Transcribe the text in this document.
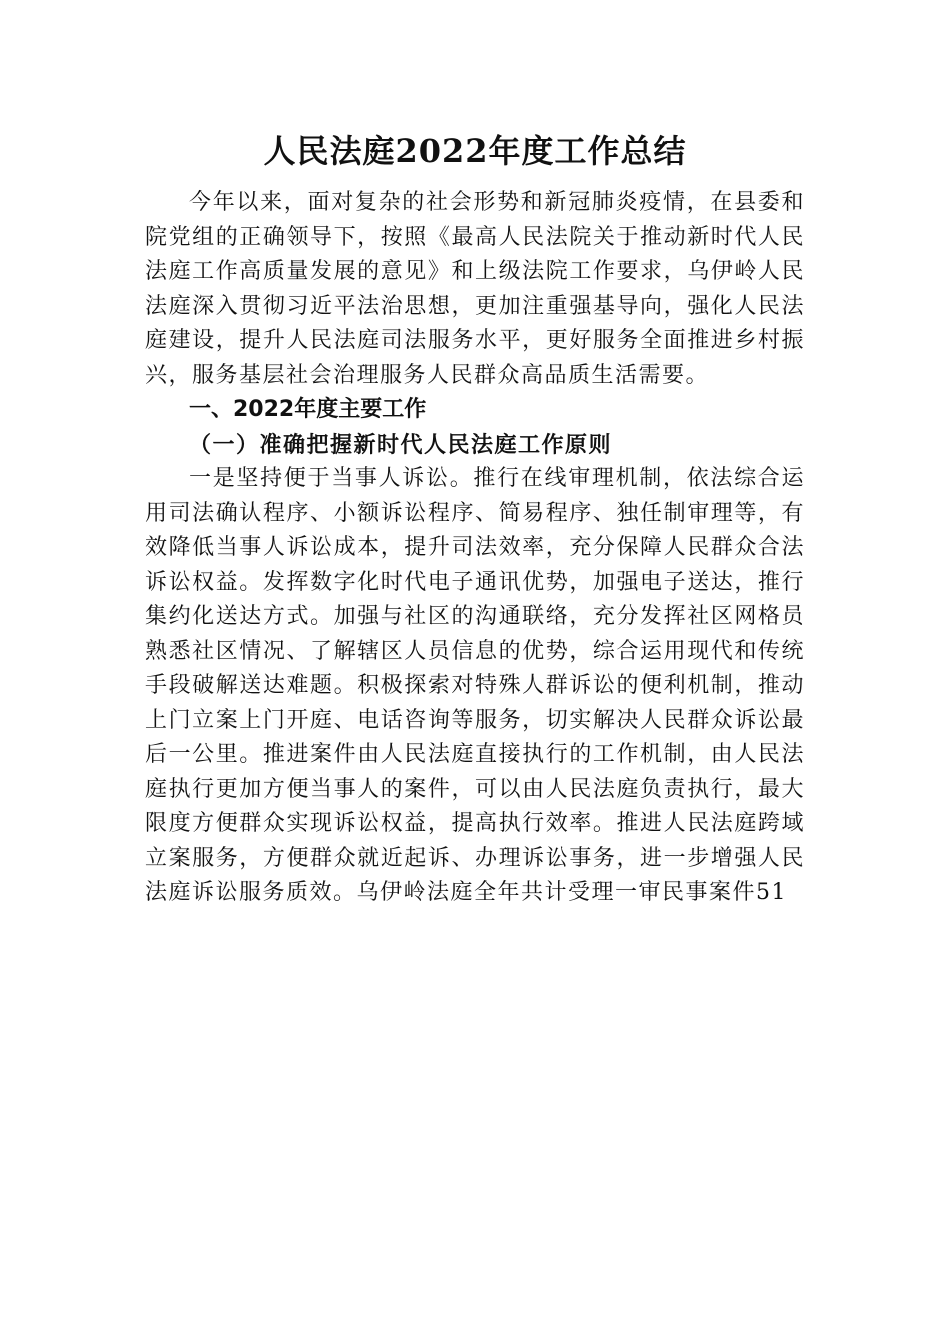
人民法庭2022年度工作总结

今年以来，面对复杂的社会形势和新冠肺炎疫情，在县委和院党组的正确领导下，按照《最高人民法院关于推动新时代人民法庭工作高质量发展的意见》和上级法院工作要求，乌伊岭人民法庭深入贯彻习近平法治思想，更加注重强基导向，强化人民法庭建设，提升人民法庭司法服务水平，更好服务全面推进乡村振兴，服务基层社会治理服务人民群众高品质生活需要。

一、2022年度主要工作
（一）准确把握新时代人民法庭工作原则

一是坚持便于当事人诉讼。推行在线审理机制，依法综合运用司法确认程序、小额诉讼程序、简易程序、独任制审理等，有效降低当事人诉讼成本，提升司法效率，充分保障人民群众合法诉讼权益。发挥数字化时代电子通讯优势，加强电子送达，推行集约化送达方式。加强与社区的沟通联络，充分发挥社区网格员熟悉社区情况、了解辖区人员信息的优势，综合运用现代和传统手段破解送达难题。积极探索对特殊人群诉讼的便利机制，推动上门立案上门开庭、电话咨询等服务，切实解决人民群众诉讼最后一公里。推进案件由人民法庭直接执行的工作机制，由人民法庭执行更加方便当事人的案件，可以由人民法庭负责执行，最大限度方便群众实现诉讼权益，提高执行效率。推进人民法庭跨域立案服务，方便群众就近起诉、办理诉讼事务，进一步增强人民法庭诉讼服务质效。乌伊岭法庭全年共计受理一审民事案件51
